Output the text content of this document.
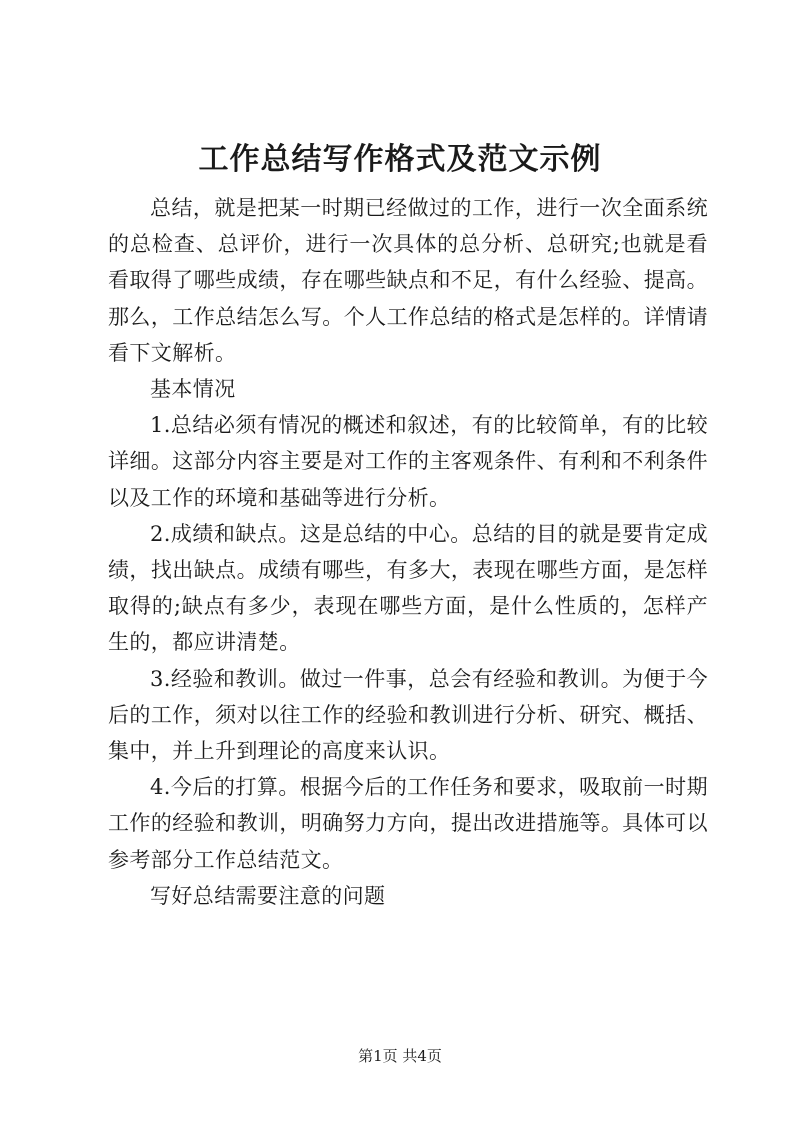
工作总结写作格式及范文示例

总结，就是把某一时期已经做过的工作，进行一次全面系统的总检查、总评价，进行一次具体的总分析、总研究;也就是看看取得了哪些成绩，存在哪些缺点和不足，有什么经验、提高。那么，工作总结怎么写。个人工作总结的格式是怎样的。详情请看下文解析。

基本情况

1.总结必须有情况的概述和叙述，有的比较简单，有的比较详细。这部分内容主要是对工作的主客观条件、有利和不利条件以及工作的环境和基础等进行分析。

2.成绩和缺点。这是总结的中心。总结的目的就是要肯定成绩，找出缺点。成绩有哪些，有多大，表现在哪些方面，是怎样取得的;缺点有多少，表现在哪些方面，是什么性质的，怎样产生的，都应讲清楚。

3.经验和教训。做过一件事，总会有经验和教训。为便于今后的工作，须对以往工作的经验和教训进行分析、研究、概括、集中，并上升到理论的高度来认识。

4.今后的打算。根据今后的工作任务和要求，吸取前一时期工作的经验和教训，明确努力方向，提出改进措施等。具体可以参考部分工作总结范文。

写好总结需要注意的问题

第1页 共4页
